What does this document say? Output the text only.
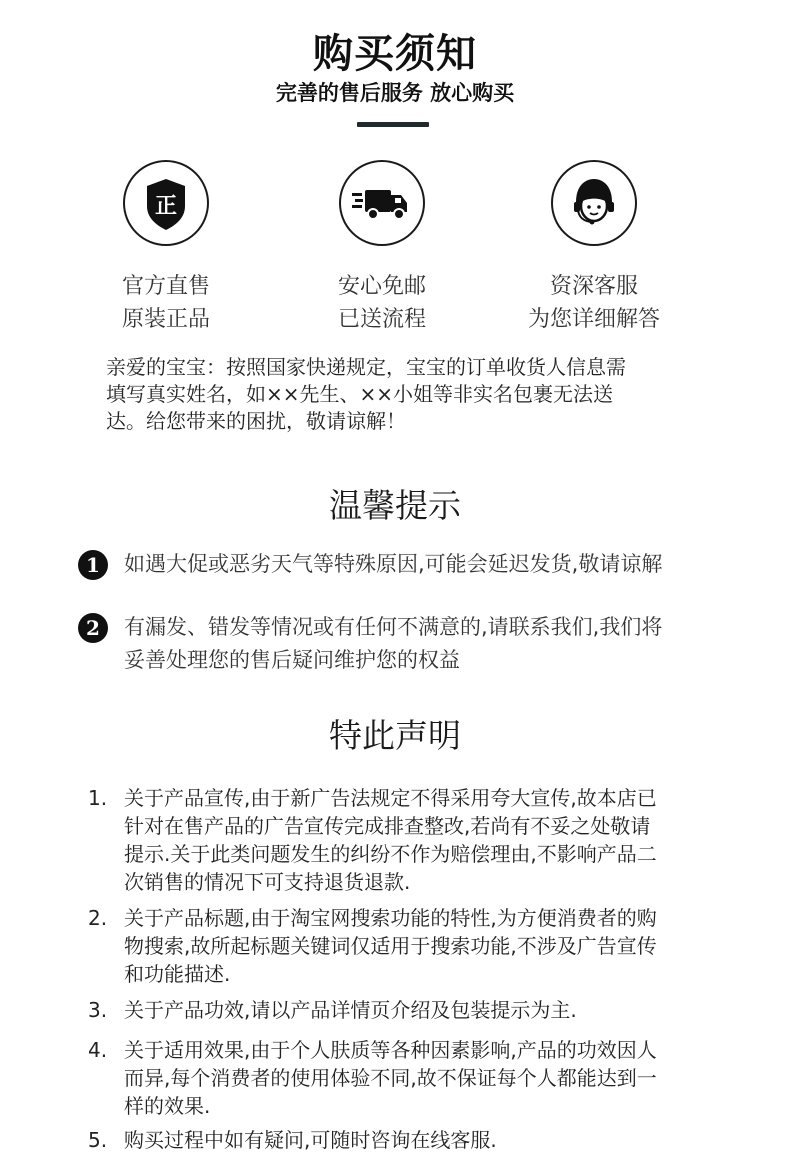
购买须知
完善的售后服务 放心购买
正
官方直售
原装正品
安心免邮
已送流程
资深客服
为您详细解答
亲爱的宝宝：按照国家快递规定，宝宝的订单收货人信息需
填写真实姓名，如××先生、××小姐等非实名包裹无法送
达。给您带来的困扰，敬请谅解！
温馨提示
1	如遇大促或恶劣天气等特殊原因,可能会延迟发货,敬请谅解
2	有漏发、错发等情况或有任何不满意的,请联系我们,我们将
妥善处理您的售后疑问维护您的权益
特此声明
1. 关于产品宣传,由于新广告法规定不得采用夸大宣传,故本店已
针对在售产品的广告宣传完成排查整改,若尚有不妥之处敬请
提示.关于此类问题发生的纠纷不作为赔偿理由,不影响产品二
次销售的情况下可支持退货退款.
2. 关于产品标题,由于淘宝网搜索功能的特性,为方便消费者的购
物搜索,故所起标题关键词仅适用于搜索功能,不涉及广告宣传
和功能描述.
3. 关于产品功效,请以产品详情页介绍及包装提示为主.
4. 关于适用效果,由于个人肤质等各种因素影响,产品的功效因人
而异,每个消费者的使用体验不同,故不保证每个人都能达到一
样的效果.
5. 购买过程中如有疑问,可随时咨询在线客服.
